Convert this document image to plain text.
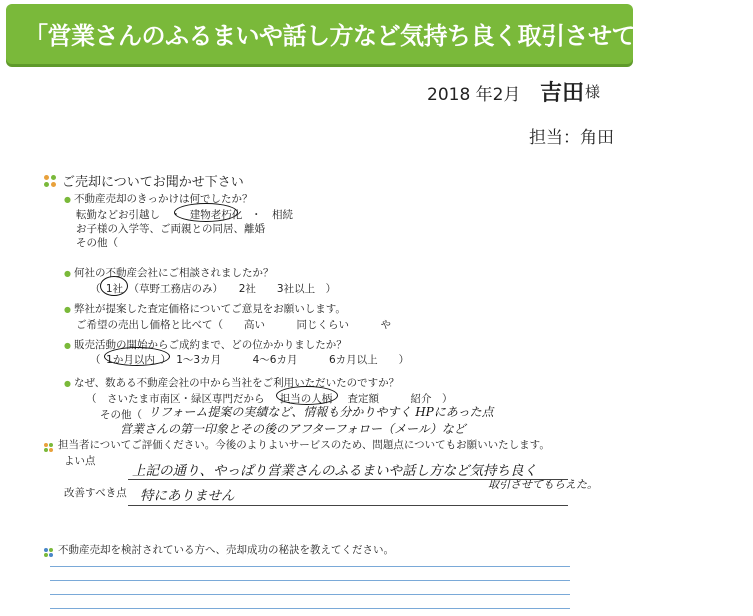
「営業さんのふるまいや話し方など気持ち良く取引させてもらえた」
2018 年2月 吉田 様
担当：角田
ご売却についてお聞かせ下さい
● 不動産売却のきっかけは何でしたか？
転勤などお引越し　・ 建物老朽化 ・　相続
お子様の入学等、ご両親との同居、離婚
その他（
● 何社の不動産会社にご相談されましたか？
（ 1社 （草野工務店のみ）　　2社　　3社以上　）
● 弊社が提案した査定価格についてご意見をお願いします。
ご希望の売出し価格と比べて（　　高い　　　同じくらい　　　や
● 販売活動の開始からご成約まで、どの位かかりましたか？
（ 1か月以内 ）　1〜3カ月　　　4〜6カ月　　　6カ月以上　　）
● なぜ、数ある不動産会社の中から当社をご利用いただいたのですか？
（　さいたま市南区・緑区専門だから　 担当の人柄　 査定額　　　紹介　）
その他（ リフォーム提案の実績など、情報も分かりやすく HPにあった点
営業さんの第一印象とその後のアフターフォロー（メール）など
担当者についてご評価ください。今後のよりよいサービスのため、問題点についてもお願いいたします。
よい点
上記の通り、やっぱり営業さんのふるまいや話し方など気持ち良く
取引させてもらえた。
改善すべき点 特にありません
不動産売却を検討されている方へ、売却成功の秘訣を教えてください。
